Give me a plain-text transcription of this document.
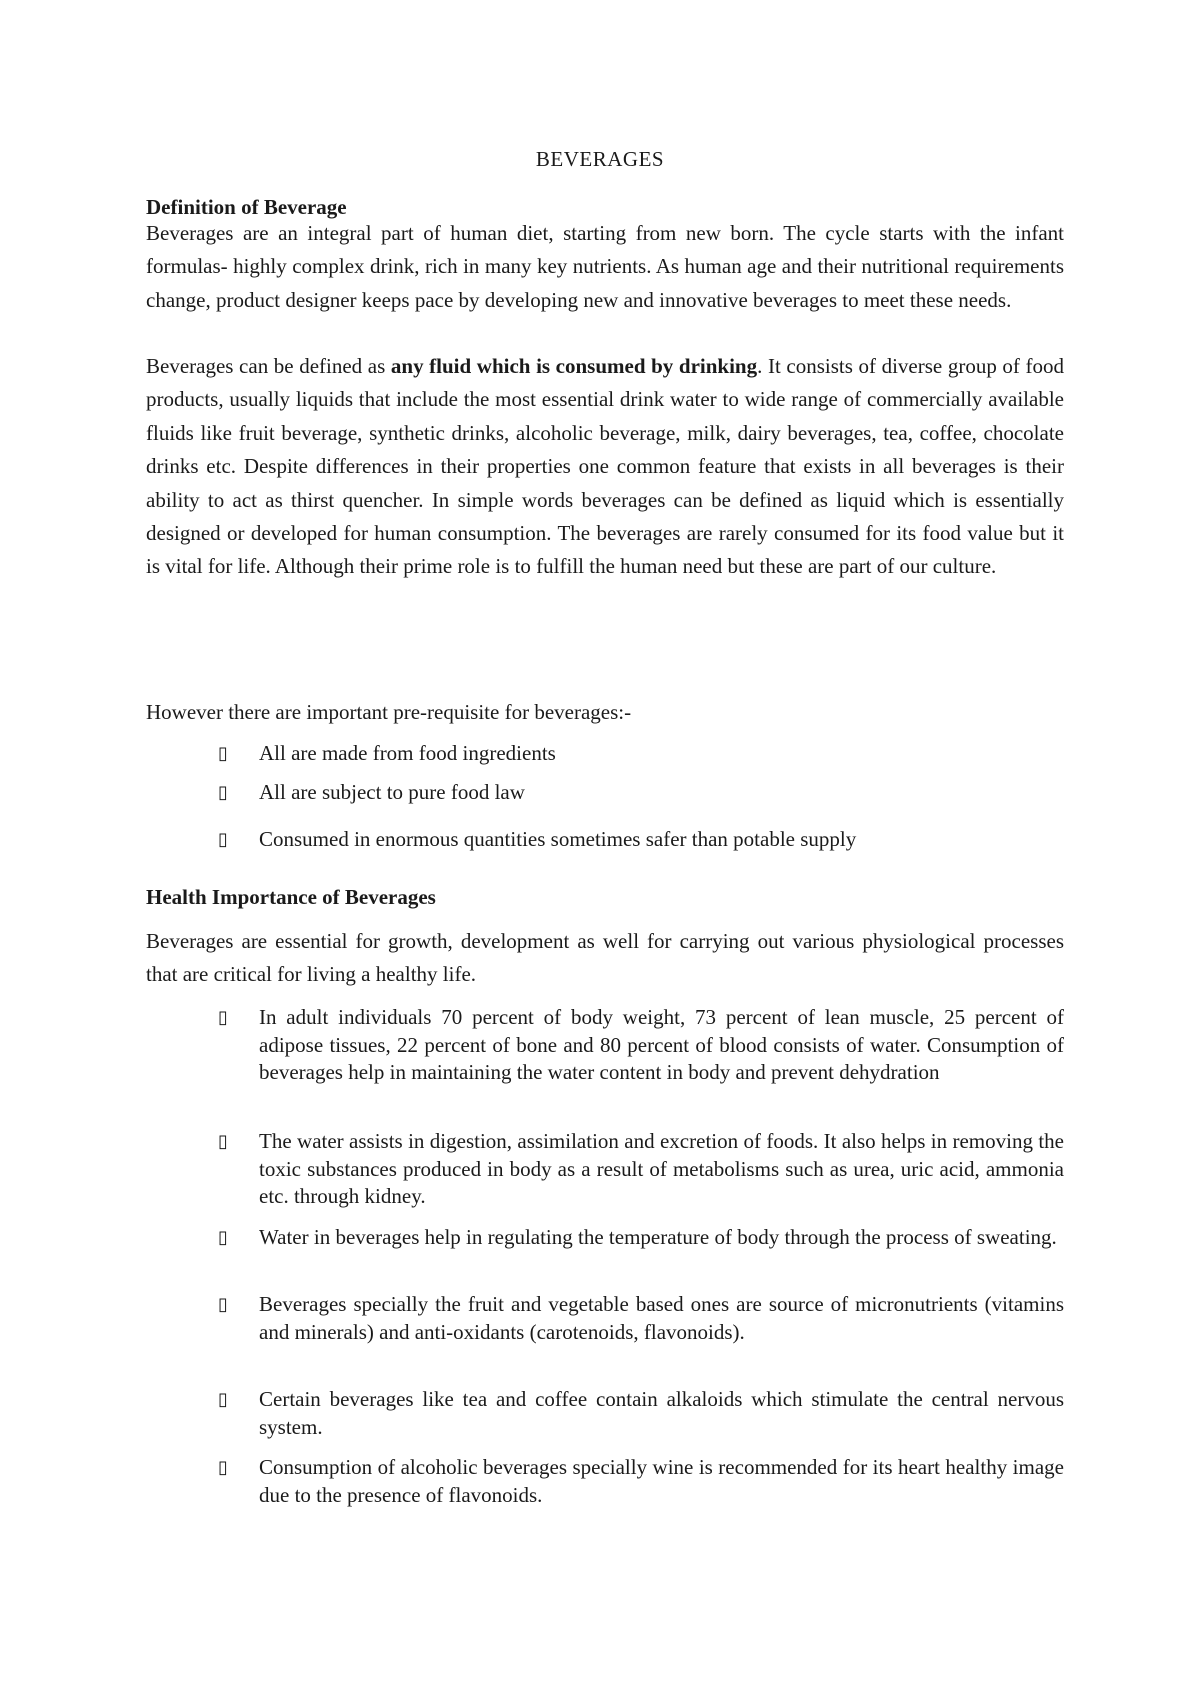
BEVERAGES
Definition of Beverage
Beverages are an integral part of human diet, starting from new born. The cycle starts with the infant formulas- highly complex drink, rich in many key nutrients. As human age and their nutritional requirements change, product designer keeps pace by developing new and innovative beverages to meet these needs.
Beverages can be defined as any fluid which is consumed by drinking. It consists of diverse group of food products, usually liquids that include the most essential drink water to wide range of commercially available fluids like fruit beverage, synthetic drinks, alcoholic beverage, milk, dairy beverages, tea, coffee, chocolate drinks etc. Despite differences in their properties one common feature that exists in all beverages is their ability to act as thirst quencher. In simple words beverages can be defined as liquid which is essentially designed or developed for human consumption. The beverages are rarely consumed for its food value but it is vital for life. Although their prime role is to fulfill the human need but these are part of our culture.
However there are important pre-requisite for beverages:-
▯ All are made from food ingredients
▯ All are subject to pure food law
▯ Consumed in enormous quantities sometimes safer than potable supply
Health Importance of Beverages
Beverages are essential for growth, development as well for carrying out various physiological processes that are critical for living a healthy life.
▯ In adult individuals 70 percent of body weight, 73 percent of lean muscle, 25 percent of adipose tissues, 22 percent of bone and 80 percent of blood consists of water. Consumption of beverages help in maintaining the water content in body and prevent dehydration
▯ The water assists in digestion, assimilation and excretion of foods. It also helps in removing the toxic substances produced in body as a result of metabolisms such as urea, uric acid, ammonia etc. through kidney.
▯ Water in beverages help in regulating the temperature of body through the process of sweating.
▯ Beverages specially the fruit and vegetable based ones are source of micronutrients (vitamins and minerals) and anti-oxidants (carotenoids, flavonoids).
▯ Certain beverages like tea and coffee contain alkaloids which stimulate the central nervous system.
▯ Consumption of alcoholic beverages specially wine is recommended for its heart healthy image due to the presence of flavonoids.
